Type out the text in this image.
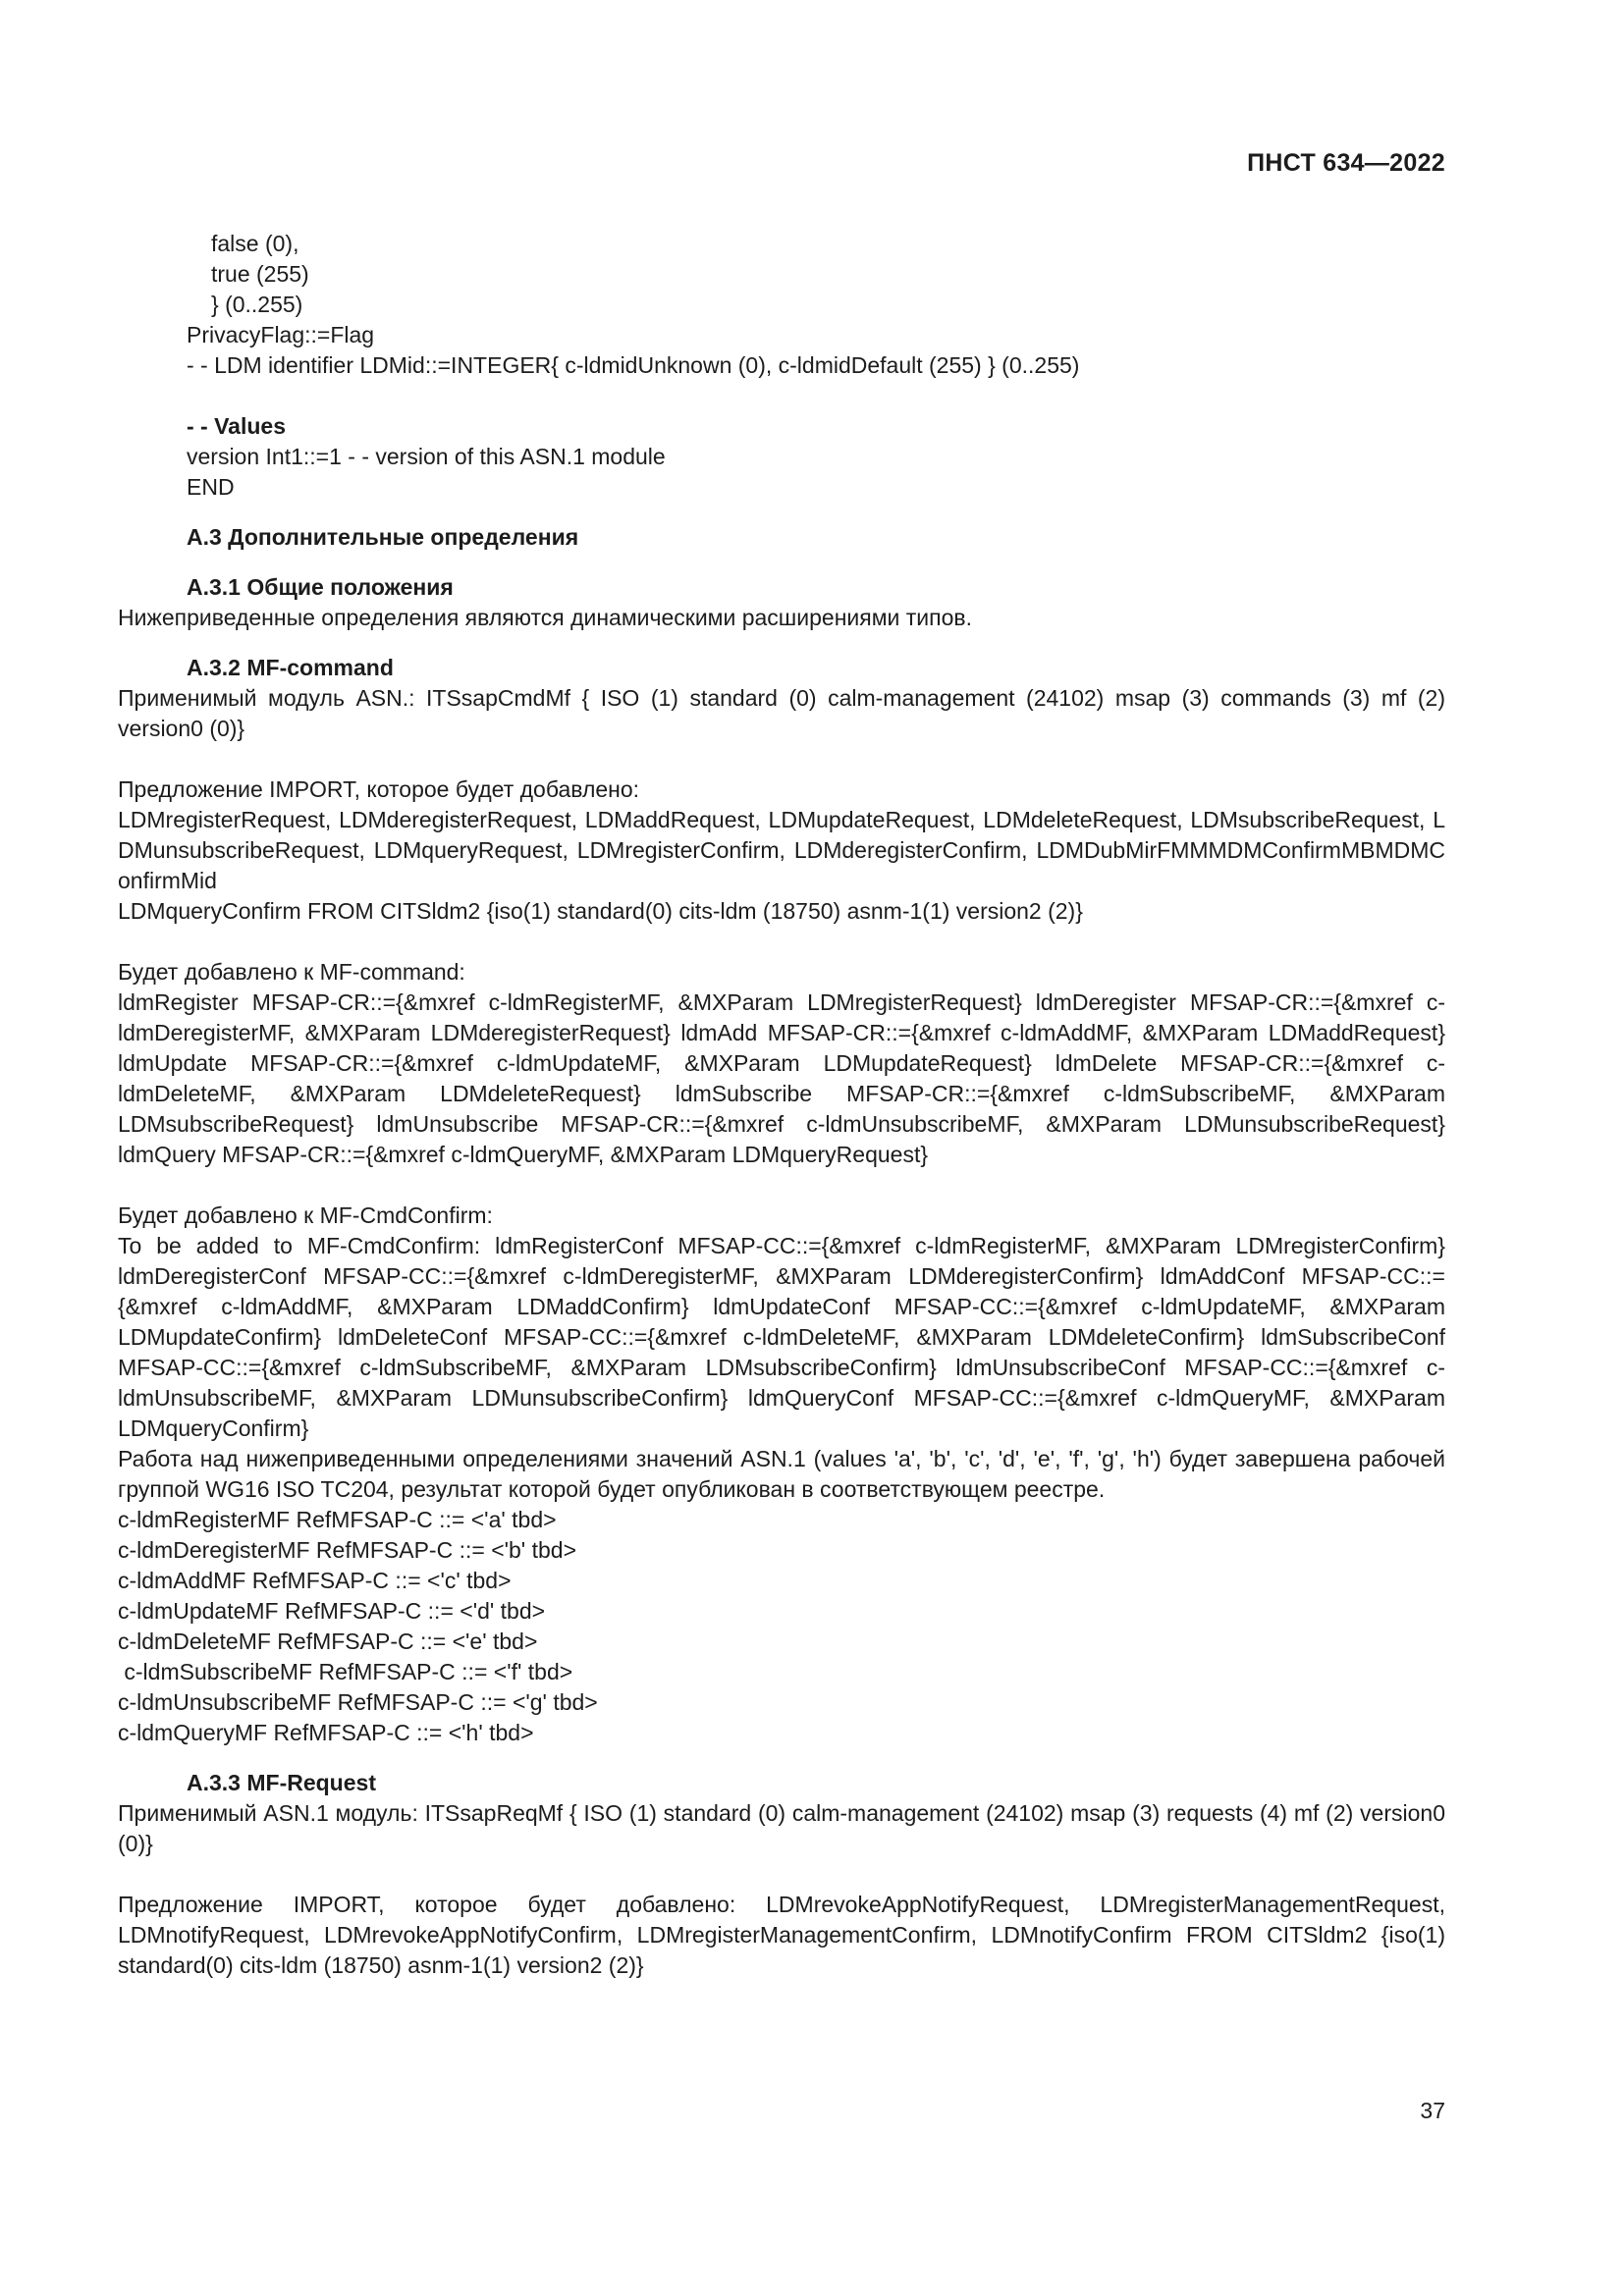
ПНСТ 634—2022

false (0),

true (255)

} (0..255)

PrivacyFlag::=Flag

- - LDM identifier LDMid::=INTEGER{ c-ldmidUnknown (0), c-ldmidDefault (255) } (0..255)

- - Values

version Int1::=1 - - version of this ASN.1 module

END

А.3 Дополнительные определения

А.3.1 Общие положения

Нижеприведенные определения являются динамическими расширениями типов.

А.3.2 MF-command

Применимый модуль ASN.: ITSsapCmdMf { ISO (1) standard (0) calm-management (24102) msap (3) commands (3) mf (2) version0 (0)}

Предложение IMPORT, которое будет добавлено:

LDMregisterRequest, LDMderegisterRequest, LDMaddRequest, LDMupdateRequest, LDMdeleteRequest, LDMsubscribeRequest, LDMunsubscribeRequest, LDMqueryRequest, LDMregisterConfirm, LDMderegisterConfirm, LDMDubMirFMMMDMConfirmMBMDMConfirmMid

LDMqueryConfirm FROM CITSldm2 {iso(1) standard(0) cits-ldm (18750) asnm-1(1) version2 (2)}

Будет добавлено к MF-command:

ldmRegister MFSAP-CR::={&mxref c-ldmRegisterMF, &MXParam LDMregisterRequest} ldmDeregister MFSAP-CR::={&mxref c-ldmDeregisterMF, &MXParam LDMderegisterRequest} ldmAdd MFSAP-CR::={&mxref c-ldmAddMF, &MXParam LDMaddRequest} ldmUpdate MFSAP-CR::={&mxref c-ldmUpdateMF, &MXParam LDMupdateRequest} ldmDelete MFSAP-CR::={&mxref c-ldmDeleteMF, &MXParam LDMdeleteRequest} ldmSubscribe MFSAP-CR::={&mxref c-ldmSubscribeMF, &MXParam LDMsubscribeRequest} ldmUnsubscribe MFSAP-CR::={&mxref c-ldmUnsubscribeMF, &MXParam LDMunsubscribeRequest} ldmQuery MFSAP-CR::={&mxref c-ldmQueryMF, &MXParam LDMqueryRequest}

Будет добавлено к MF-CmdConfirm:

To be added to MF-CmdConfirm: ldmRegisterConf MFSAP-CC::={&mxref c-ldmRegisterMF, &MXParam LDMregisterConfirm} ldmDeregisterConf MFSAP-CC::={&mxref c-ldmDeregisterMF, &MXParam LDMderegisterConfirm} ldmAddConf MFSAP-CC::={&mxref c-ldmAddMF, &MXParam LDMaddConfirm} ldmUpdateConf MFSAP-CC::={&mxref c-ldmUpdateMF, &MXParam LDMupdateConfirm} ldmDeleteConf MFSAP-CC::={&mxref c-ldmDeleteMF, &MXParam LDMdeleteConfirm} ldmSubscribeConf MFSAP-CC::={&mxref c-ldmSubscribeMF, &MXParam LDMsubscribeConfirm} ldmUnsubscribeConf MFSAP-CC::={&mxref c-ldmUnsubscribeMF, &MXParam LDMunsubscribeConfirm} ldmQueryConf MFSAP-CC::={&mxref c-ldmQueryMF, &MXParam LDMqueryConfirm}

Работа над нижеприведенными определениями значений ASN.1 (values 'a', 'b', 'c', 'd', 'e', 'f', 'g', 'h') будет завершена рабочей группой WG16 ISO TC204, результат которой будет опубликован в соответствующем реестре.

c-ldmRegisterMF RefMFSAP-C ::= <'a' tbd>

c-ldmDeregisterMF RefMFSAP-C ::= <'b' tbd>

c-ldmAddMF RefMFSAP-C ::= <'c' tbd>

c-ldmUpdateMF RefMFSAP-C ::= <'d' tbd>

c-ldmDeleteMF RefMFSAP-C ::= <'e' tbd>

c-ldmSubscribeMF RefMFSAP-C ::= <'f' tbd>

c-ldmUnsubscribeMF RefMFSAP-C ::= <'g' tbd>

c-ldmQueryMF RefMFSAP-C ::= <'h' tbd>

А.3.3 MF-Request

Применимый ASN.1 модуль: ITSsapReqMf { ISO (1) standard (0) calm-management (24102) msap (3) requests (4) mf (2) version0 (0)}

Предложение IMPORT, которое будет добавлено: LDMrevokeAppNotifyRequest, LDMregisterManagementRequest, LDMnotifyRequest, LDMrevokeAppNotifyConfirm, LDMregisterManagementConfirm, LDMnotifyConfirm FROM CITSldm2 {iso(1) standard(0) cits-ldm (18750) asnm-1(1) version2 (2)}

37
